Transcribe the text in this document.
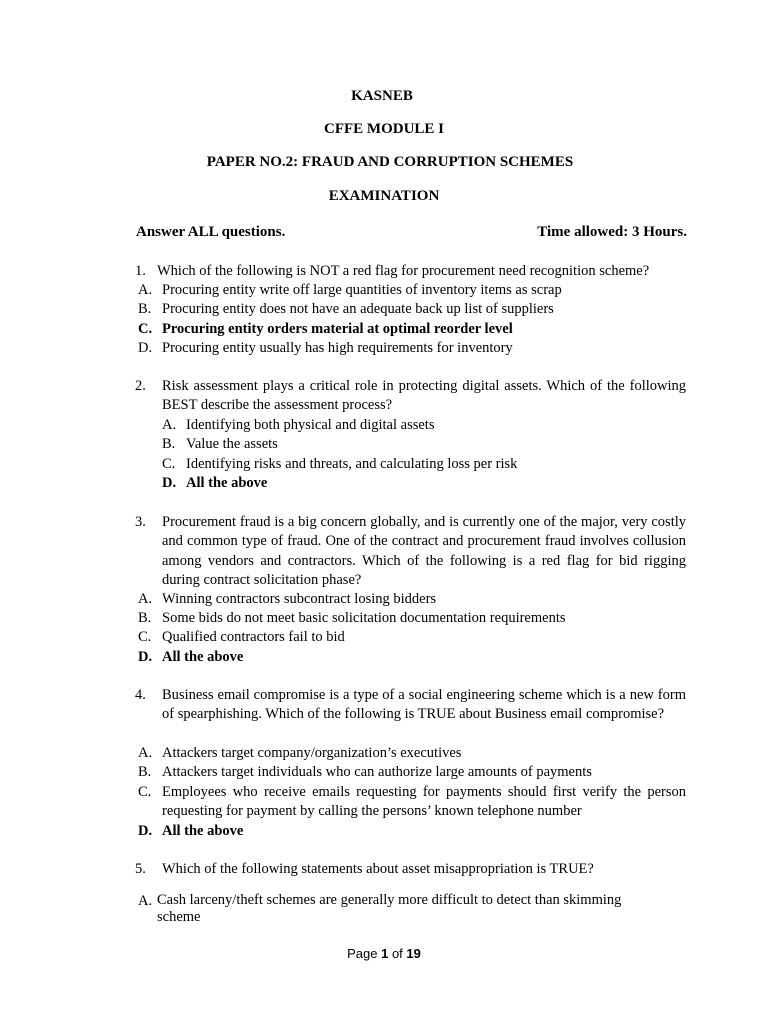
KASNEB
CFFE MODULE I
PAPER NO.2: FRAUD AND CORRUPTION SCHEMES
EXAMINATION
Answer ALL questions.	Time allowed: 3 Hours.
1. Which of the following is NOT a red flag for procurement need recognition scheme?
A. Procuring entity write off large quantities of inventory items as scrap
B. Procuring entity does not have an adequate back up list of suppliers
C. Procuring entity orders material at optimal reorder level
D. Procuring entity usually has high requirements for inventory
2. Risk assessment plays a critical role in protecting digital assets. Which of the following BEST describe the assessment process?
A. Identifying both physical and digital assets
B. Value the assets
C. Identifying risks and threats, and calculating loss per risk
D. All the above
3. Procurement fraud is a big concern globally, and is currently one of the major, very costly and common type of fraud. One of the contract and procurement fraud involves collusion among vendors and contractors. Which of the following is a red flag for bid rigging during contract solicitation phase?
A. Winning contractors subcontract losing bidders
B. Some bids do not meet basic solicitation documentation requirements
C. Qualified contractors fail to bid
D. All the above
4. Business email compromise is a type of a social engineering scheme which is a new form of spearphishing. Which of the following is TRUE about Business email compromise?
A. Attackers target company/organization’s executives
B. Attackers target individuals who can authorize large amounts of payments
C. Employees who receive emails requesting for payments should first verify the person requesting for payment by calling the persons’ known telephone number
D. All the above
5. Which of the following statements about asset misappropriation is TRUE?
A. Cash larceny/theft schemes are generally more difficult to detect than skimming scheme
Page 1 of 19
